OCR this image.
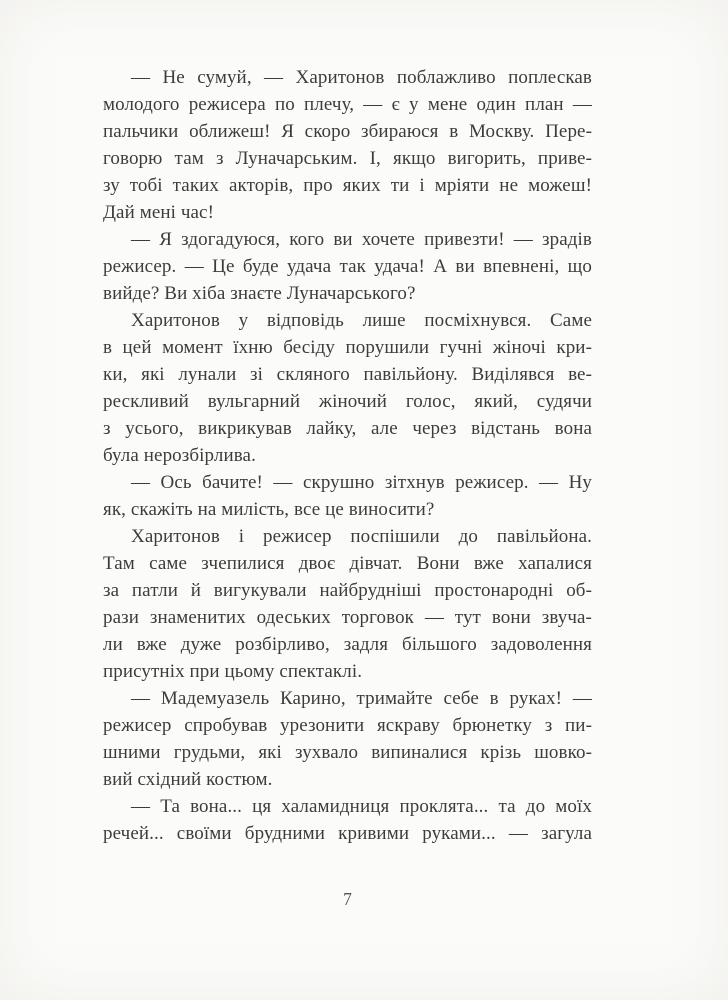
— Не сумуй, — Харитонов поблажливо поплескав
молодого режисера по плечу, — є у мене один план —
пальчики оближеш! Я скоро збираюся в Москву. Пере-
говорю там з Луначарським. І, якщо вигорить, приве-
зу тобі таких акторів, про яких ти і мріяти не можеш!
Дай мені час!
— Я здогадуюся, кого ви хочете привезти! — зрадів
режисер. — Це буде удача так удача! А ви впевнені, що
вийде? Ви хіба знаєте Луначарського?
Харитонов у відповідь лише посміхнувся. Саме
в цей момент їхню бесіду порушили гучні жіночі кри-
ки, які лунали зі скляного павільйону. Виділявся ве-
рескливий вульгарний жіночий голос, який, судячи
з усього, викрикував лайку, але через відстань вона
була нерозбірлива.
— Ось бачите! — скрушно зітхнув режисер. — Ну
як, скажіть на милість, все це виносити?
Харитонов і режисер поспішили до павільйона.
Там саме зчепилися двоє дівчат. Вони вже хапалися
за патли й вигукували найбрудніші простонародні об-
рази знаменитих одеських торговок — тут вони звуча-
ли вже дуже розбірливо, задля більшого задоволення
присутніх при цьому спектаклі.
— Мадемуазель Карино, тримайте себе в руках! —
режисер спробував урезонити яскраву брюнетку з пи-
шними грудьми, які зухвало випиналися крізь шовко-
вий східний костюм.
— Та вона... ця халамидниця проклята... та до моїх
речей... своїми брудними кривими руками... — загула
7
